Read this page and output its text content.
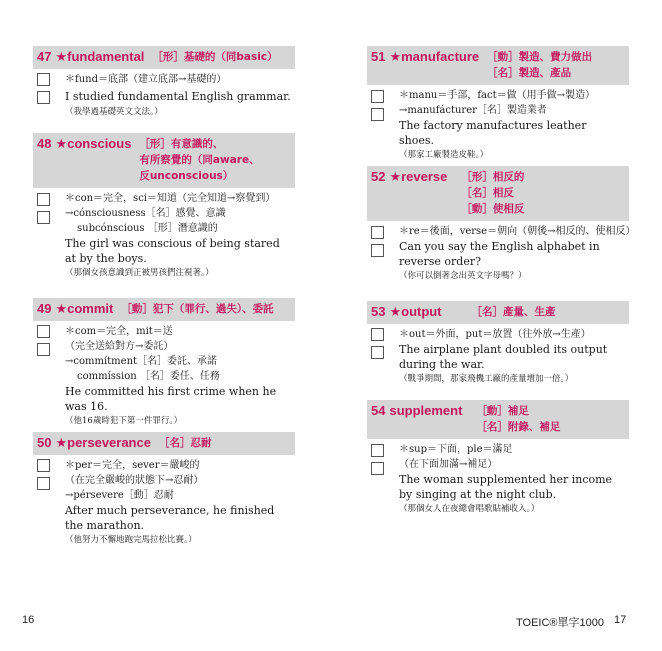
47 ★fundamental ［形］基礎的（同basic）
＊fund＝底部（建立底部→基礎的）
I studied fundamental English grammar.
（我學過基礎英文文法。）
48 ★conscious ［形］有意識的、
有所察覺的（同aware、
反unconscious）
＊con＝完全，sci＝知道（完全知道→察覺到）
→cónsciousness［名］感覺、意識
subcónscious ［形］潛意識的
The girl was conscious of being stared at by the boys.
（那個女孩意識到正被男孩們注視著。）
49 ★commit ［動］犯下（罪行、過失）、委託
＊com＝完全，mit＝送
（完全送給對方→委託）
→commítment［名］委託、承諾
commíssion ［名］委任、任務
He committed his first crime when he was 16.
（他16歲時犯下第一件罪行。）
50 ★perseverance ［名］忍耐
＊per＝完全，sever＝嚴峻的
（在完全嚴峻的狀態下→忍耐）
→pérsevere［動］忍耐
After much perseverance, he finished the marathon.
（他努力不懈地跑完馬拉松比賽。）
51 ★manufacture ［動］製造、費力做出
［名］製造、產品
＊manu＝手部，fact＝做（用手做→製造）
→manufácturer［名］製造業者
The factory manufactures leather shoes.
（那家工廠製造皮鞋。）
52 ★reverse ［形］相反的
［名］相反
［動］使相反
＊re＝後面，verse＝朝向（朝後→相反的、使相反）
Can you say the English alphabet in reverse order?
（你可以倒著念出英文字母嗎？）
53 ★output	［名］產量、生產
＊out＝外面，put＝放置（往外放→生產）
The airplane plant doubled its output during the war.
（戰爭期間，那家飛機工廠的產量增加一倍。）
54 supplement ［動］補足
［名］附錄、補足
＊sup＝下面，ple＝滿足
（在下面加滿→補足）
The woman supplemented her income by singing at the night club.
（那個女人在夜總會唱歌貼補收入。）
16	TOEIC®單字1000 17
